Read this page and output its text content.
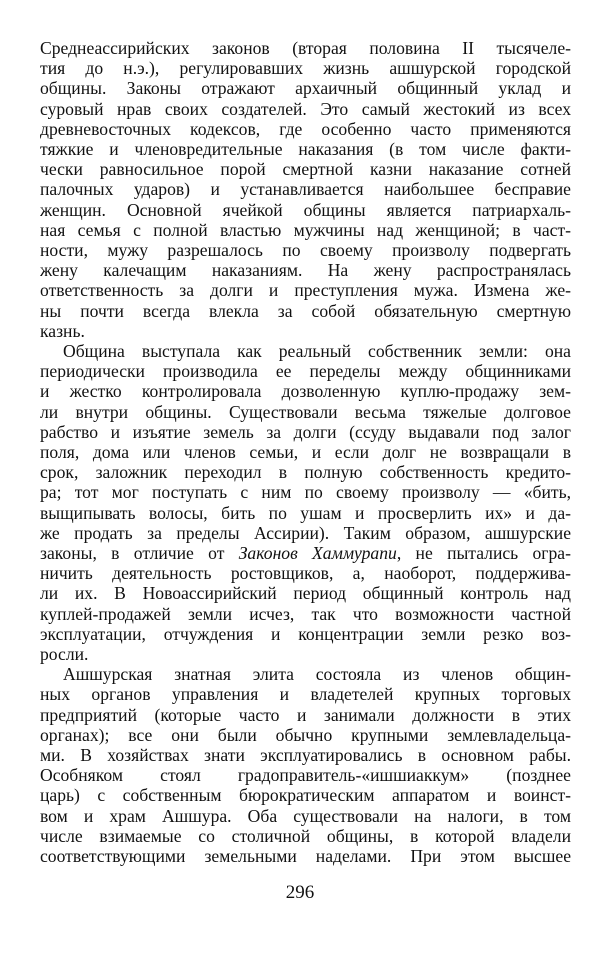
Среднеассирийских законов (вторая половина II тысячеле-
тия до н.э.), регулировавших жизнь ашшурской городской
общины. Законы отражают архаичный общинный уклад и
суровый нрав своих создателей. Это самый жестокий из всех
древневосточных кодексов, где особенно часто применяются
тяжкие и членовредительные наказания (в том числе факти-
чески равносильное порой смертной казни наказание сотней
палочных ударов) и устанавливается наибольшее бесправие
женщин. Основной ячейкой общины является патриархаль-
ная семья с полной властью мужчины над женщиной; в част-
ности, мужу разрешалось по своему произволу подвергать
жену калечащим наказаниям. На жену распространялась
ответственность за долги и преступления мужа. Измена же-
ны почти всегда влекла за собой обязательную смертную
казнь.
Община выступала как реальный собственник земли: она
периодически производила ее переделы между общинниками
и жестко контролировала дозволенную куплю-продажу зем-
ли внутри общины. Существовали весьма тяжелые долговое
рабство и изъятие земель за долги (ссуду выдавали под залог
поля, дома или членов семьи, и если долг не возвращали в
срок, заложник переходил в полную собственность кредито-
ра; тот мог поступать с ним по своему произволу — «бить,
выщипывать волосы, бить по ушам и просверлить их» и да-
же продать за пределы Ассирии). Таким образом, ашшурские
законы, в отличие от Законов Хаммурапи, не пытались огра-
ничить деятельность ростовщиков, а, наоборот, поддержива-
ли их. В Новоассирийский период общинный контроль над
куплей-продажей земли исчез, так что возможности частной
эксплуатации, отчуждения и концентрации земли резко воз-
росли.
Ашшурская знатная элита состояла из членов общин-
ных органов управления и владетелей крупных торговых
предприятий (которые часто и занимали должности в этих
органах); все они были обычно крупными землевладельца-
ми. В хозяйствах знати эксплуатировались в основном рабы.
Особняком стоял градоправитель-«ишшиаккум» (позднее
царь) с собственным бюрократическим аппаратом и воинст-
вом и храм Ашшура. Оба существовали на налоги, в том
числе взимаемые со столичной общины, в которой владели
соответствующими земельными наделами. При этом высшее
296
